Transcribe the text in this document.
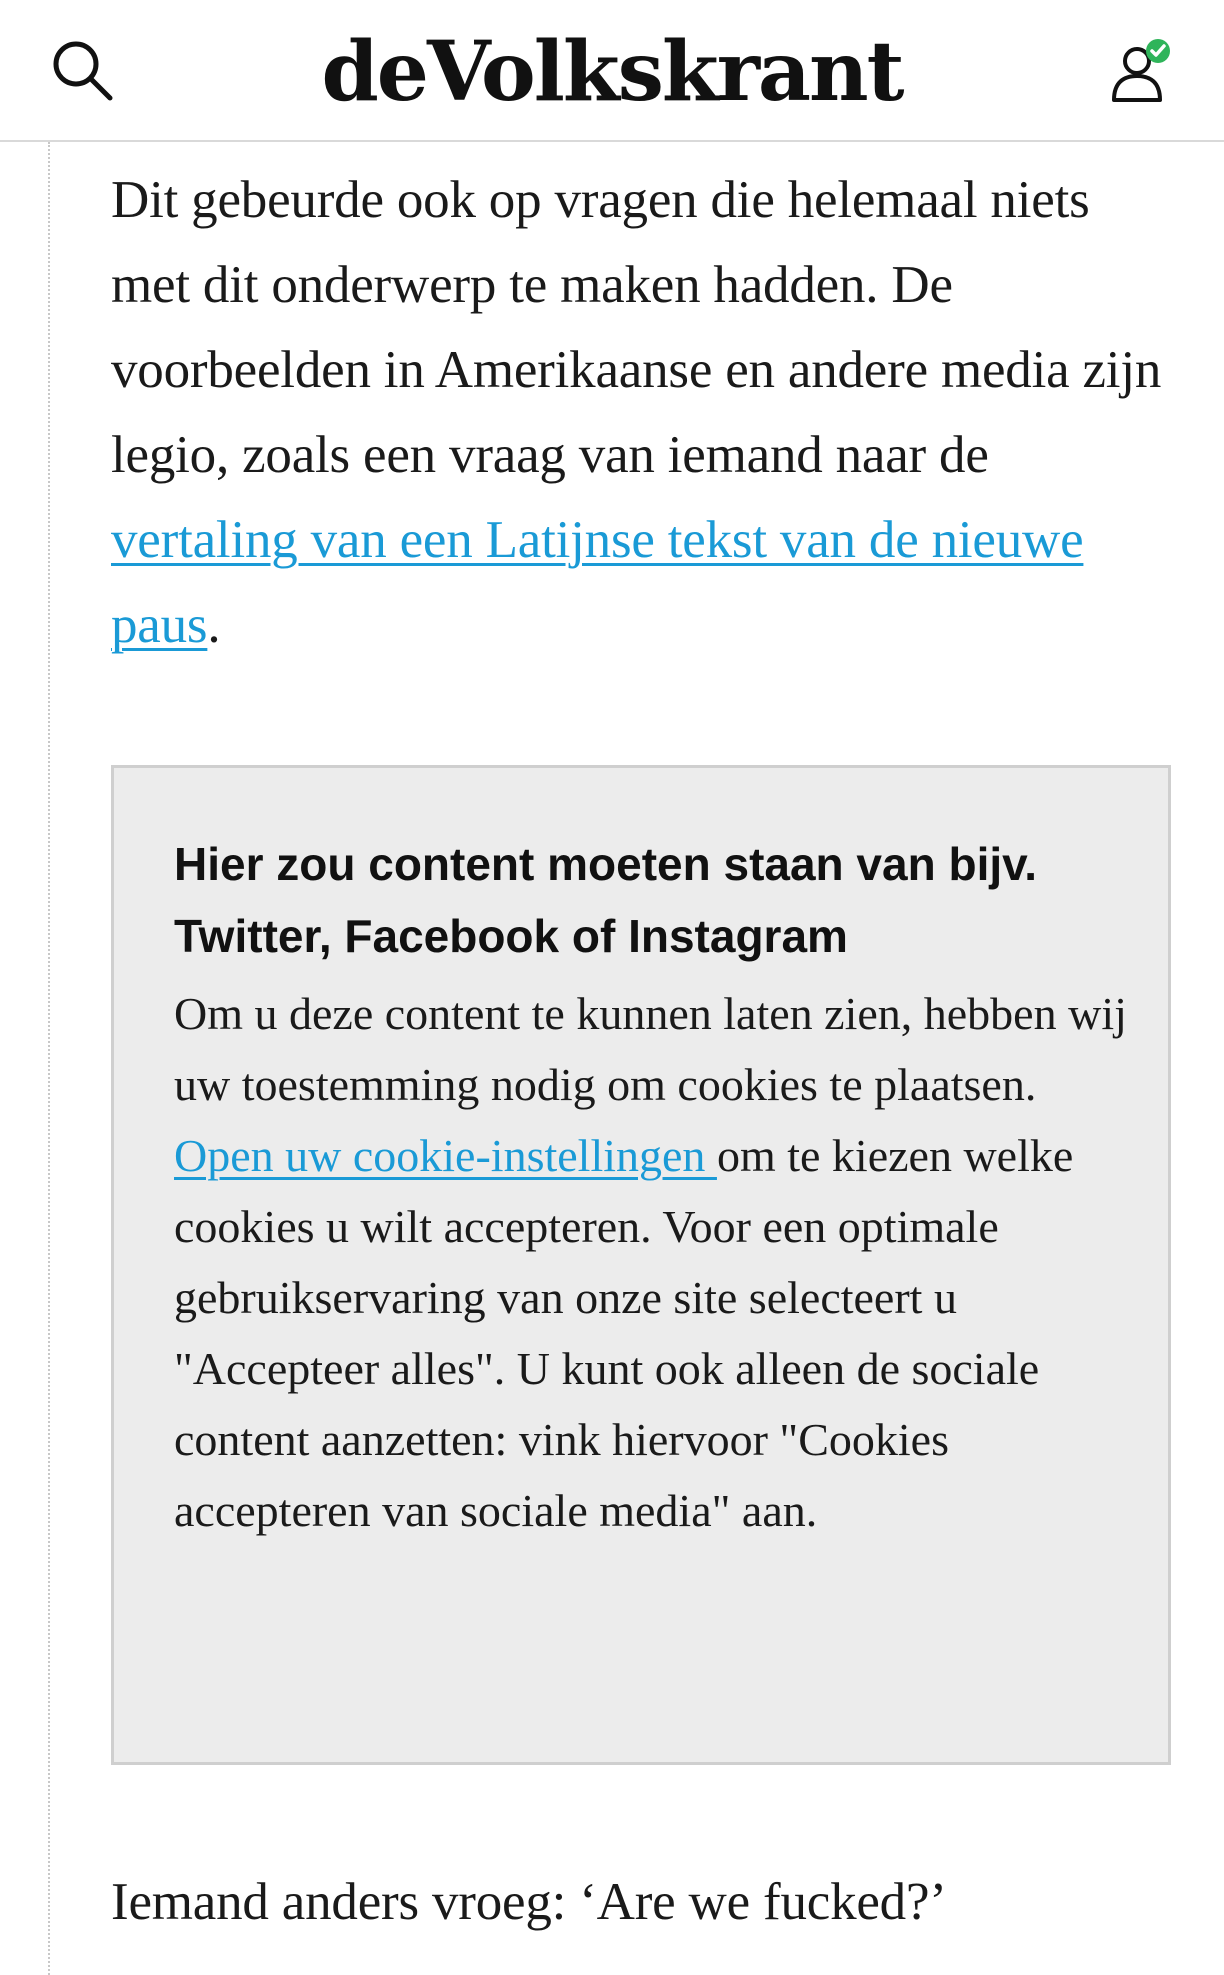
deVolkskrant

Dit gebeurde ook op vragen die helemaal niets met dit onderwerp te maken hadden. De voorbeelden in Amerikaanse en andere media zijn legio, zoals een vraag van iemand naar de vertaling van een Latijnse tekst van de nieuwe paus.

Hier zou content moeten staan van bijv. Twitter, Facebook of Instagram

Om u deze content te kunnen laten zien, hebben wij uw toestemming nodig om cookies te plaatsen. Open uw cookie-instellingen om te kiezen welke cookies u wilt accepteren. Voor een optimale gebruikservaring van onze site selecteert u "Accepteer alles". U kunt ook alleen de sociale content aanzetten: vink hiervoor "Cookies accepteren van sociale media" aan.

Iemand anders vroeg: ‘Are we fucked?’
